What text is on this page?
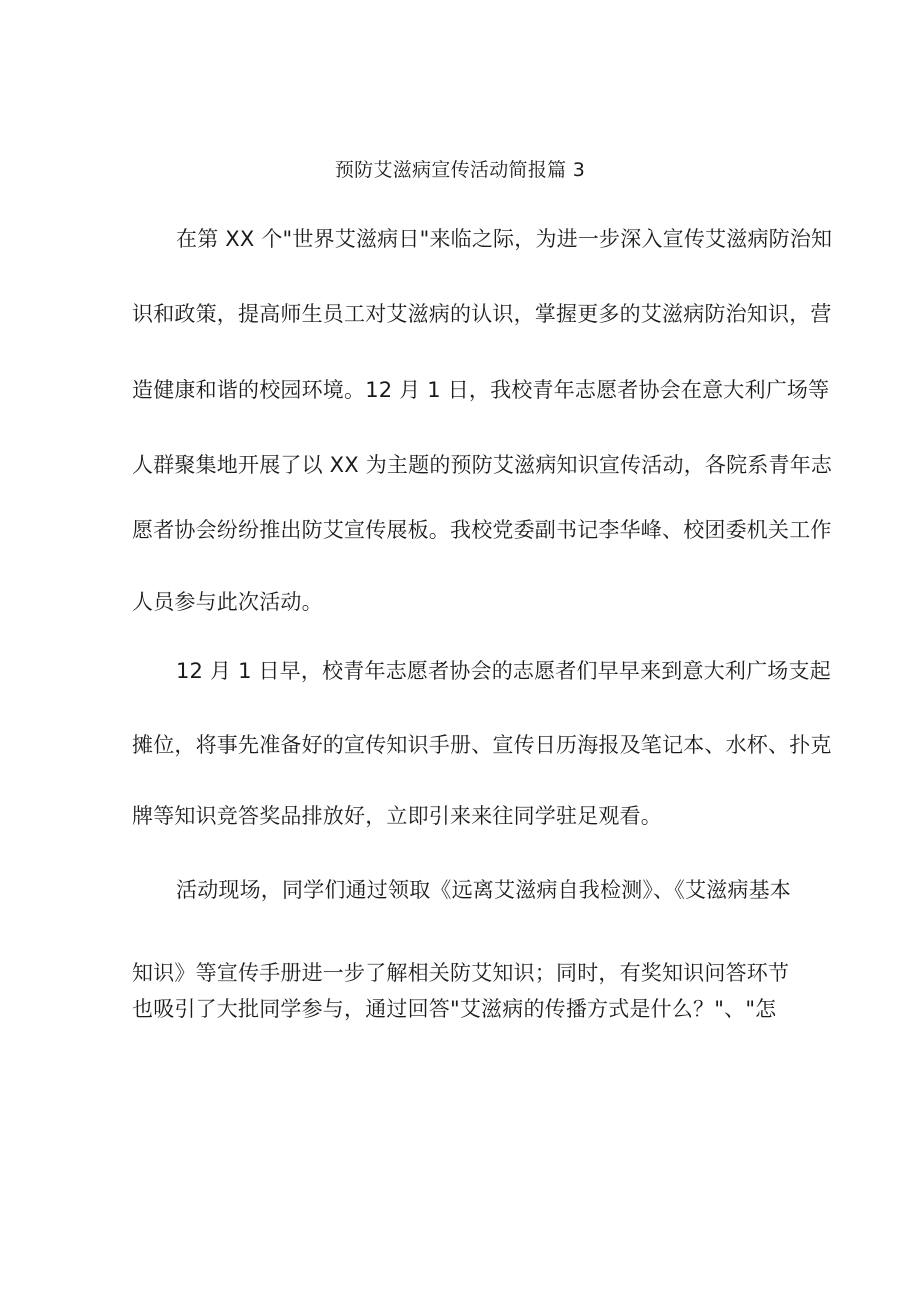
预防艾滋病宣传活动简报篇 3
在第 XX 个"世界艾滋病日"来临之际，为进一步深入宣传艾滋病防治知
识和政策，提高师生员工对艾滋病的认识，掌握更多的艾滋病防治知识，营
造健康和谐的校园环境。12 月 1 日，我校青年志愿者协会在意大利广场等
人群聚集地开展了以 XX 为主题的预防艾滋病知识宣传活动，各院系青年志
愿者协会纷纷推出防艾宣传展板。我校党委副书记李华峰、校团委机关工作
人员参与此次活动。
12 月 1 日早，校青年志愿者协会的志愿者们早早来到意大利广场支起
摊位，将事先准备好的宣传知识手册、宣传日历海报及笔记本、水杯、扑克
牌等知识竞答奖品排放好，立即引来来往同学驻足观看。
活动现场，同学们通过领取《远离艾滋病自我检测》、《艾滋病基本
知识》等宣传手册进一步了解相关防艾知识；同时，有奖知识问答环节
也吸引了大批同学参与，通过回答"艾滋病的传播方式是什么？"、"怎
